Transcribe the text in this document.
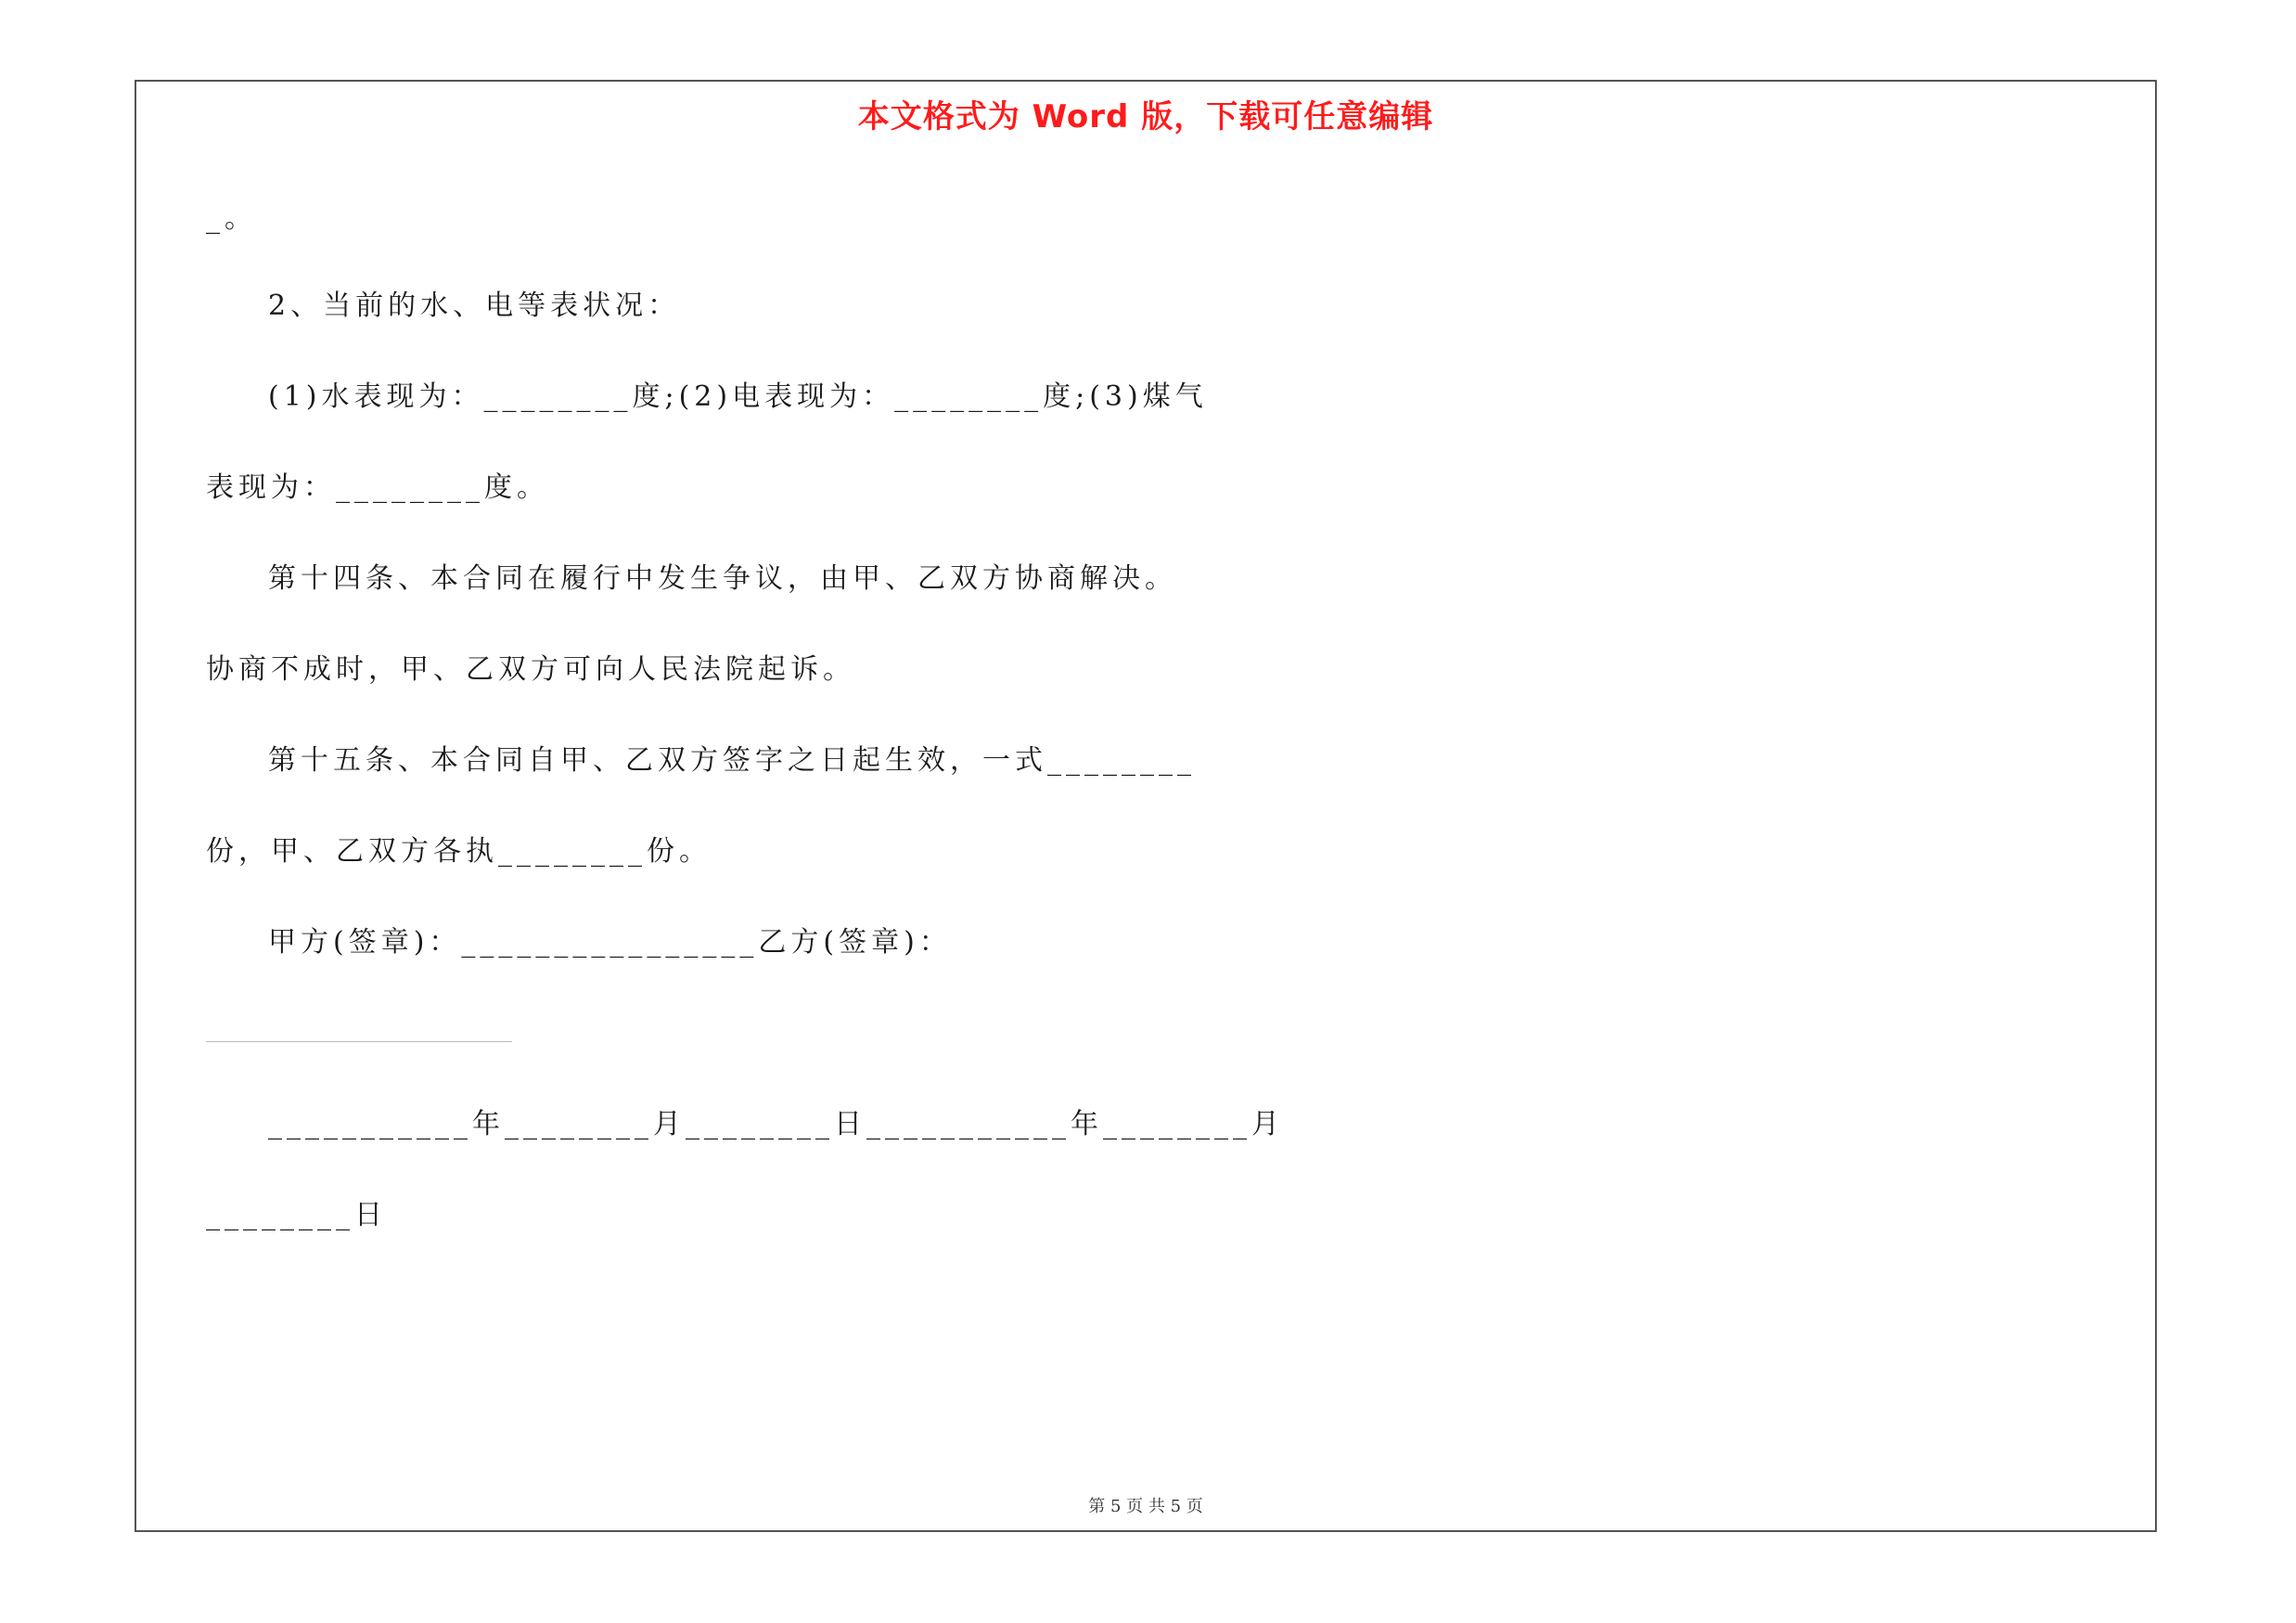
本文格式为 Word 版，下载可任意编辑
_。
2、当前的水、电等表状况：
(1)水表现为：________度;(2)电表现为：________度;(3)煤气
表现为：________度。
第十四条、本合同在履行中发生争议，由甲、乙双方协商解决。
协商不成时，甲、乙双方可向人民法院起诉。
第十五条、本合同自甲、乙双方签字之日起生效，一式________
份，甲、乙双方各执________份。
甲方(签章)：________________乙方(签章)：
___________年________月________日___________年________月
________日
第 5 页 共 5 页
